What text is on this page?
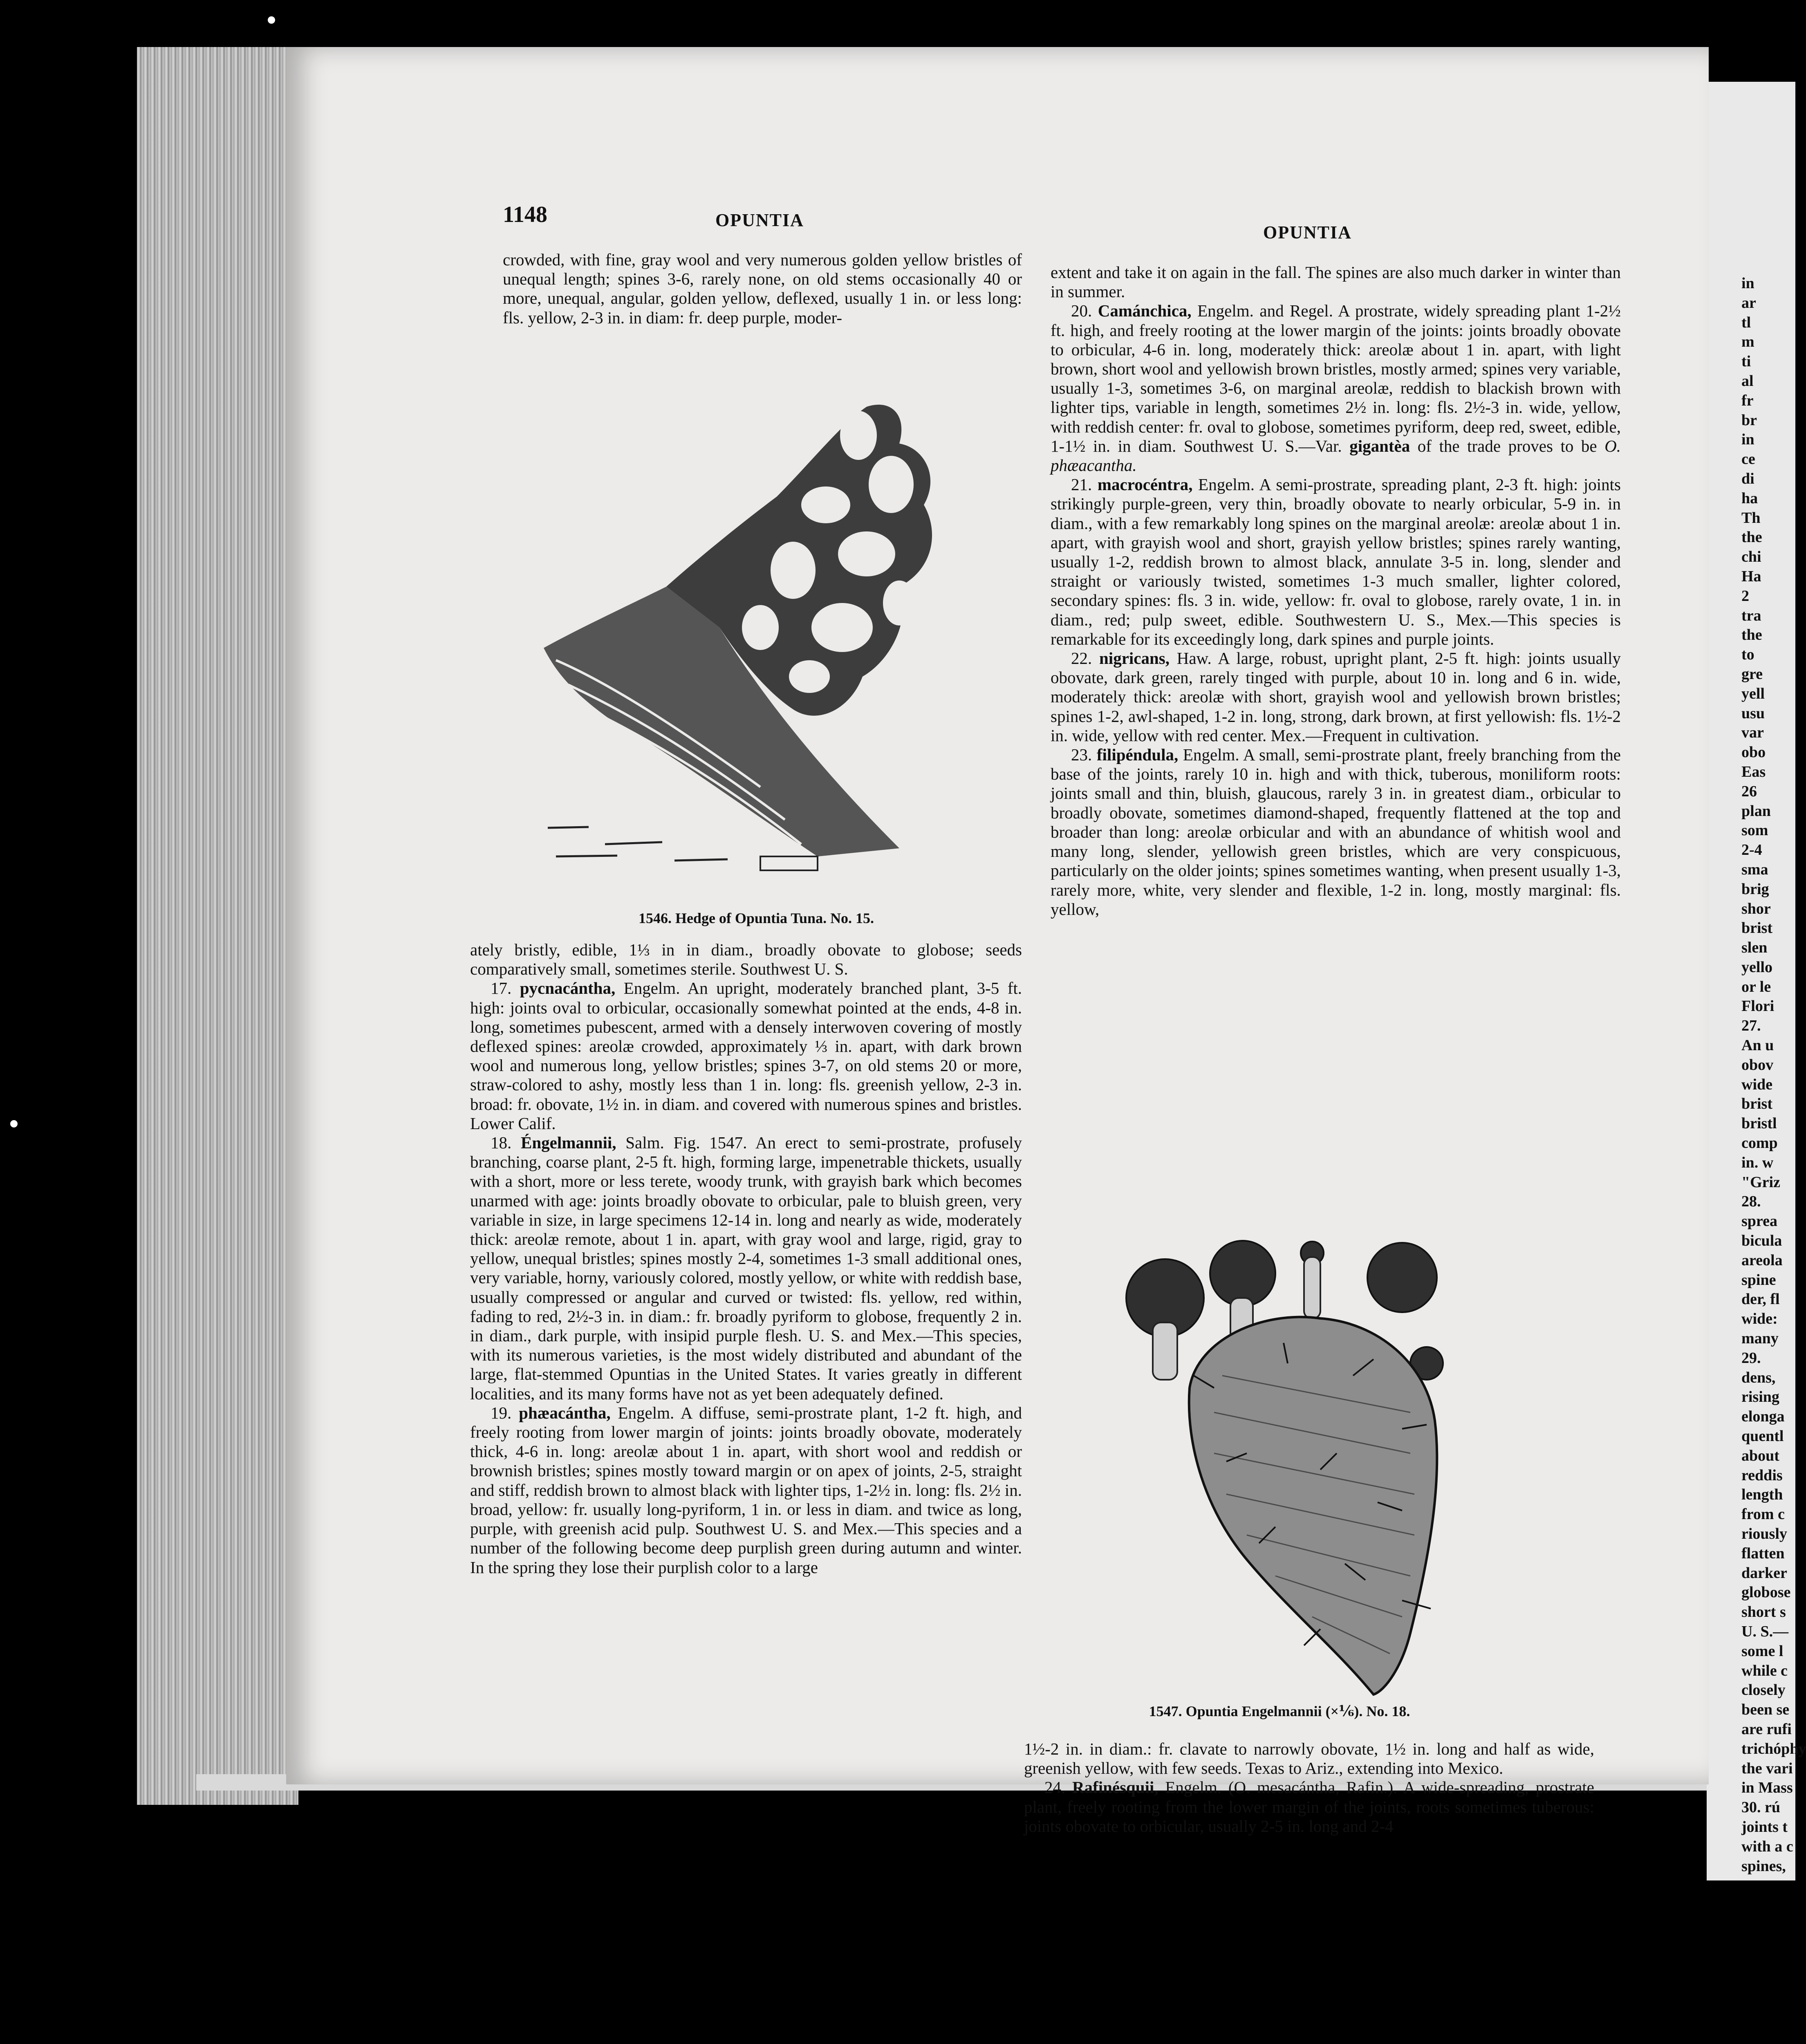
in
ar
tl
m
ti
al
fr
br
in
ce
di
ha
Th
the
chi
Ha
2
tra
the
to
gre
yell
usu
var
obo
Eas
26
plan
som
2-4
sma
brig
shor
brist
slen
yello
or le
Flori
27.
An u
obov
wide
brist
bristl
comp
in. w
"Griz
28.
sprea
bicula
areola
spine
der, fl
wide:
many
29.
dens,
rising
elonga
quentl
about
reddis
length
from c
riously
flatten
darker
globose
short s
U. S.—
some l
while c
closely
been se
are rufi
trichóphy
the vari
in Mass
30. rú
joints t
with a c
spines,
1148	OPUNTIA
OPUNTIA

crowded, with fine, gray wool and very numerous golden yellow bristles of unequal length; spines 3-6, rarely none, on old stems occasionally 40 or more, unequal, angular, golden yellow, deflexed, usually 1 in. or less long: fls. yellow, 2-3 in. in diam: fr. deep purple, moder-

1546. Hedge of Opuntia Tuna. No. 15.

ately bristly, edible, 1⅓ in in diam., broadly obovate to globose; seeds comparatively small, sometimes sterile. Southwest U. S.

17. pycnacántha, Engelm. An upright, moderately branched plant, 3-5 ft. high: joints oval to orbicular, occasionally somewhat pointed at the ends, 4-8 in. long, sometimes pubescent, armed with a densely interwoven covering of mostly deflexed spines: areolæ crowded, approximately ⅓ in. apart, with dark brown wool and numerous long, yellow bristles; spines 3-7, on old stems 20 or more, straw-colored to ashy, mostly less than 1 in. long: fls. greenish yellow, 2-3 in. broad: fr. obovate, 1½ in. in diam. and covered with numerous spines and bristles. Lower Calif.

18. Éngelmannii, Salm. Fig. 1547. An erect to semi-prostrate, profusely branching, coarse plant, 2-5 ft. high, forming large, impenetrable thickets, usually with a short, more or less terete, woody trunk, with grayish bark which becomes unarmed with age: joints broadly obovate to orbicular, pale to bluish green, very variable in size, in large specimens 12-14 in. long and nearly as wide, moderately thick: areolæ remote, about 1 in. apart, with gray wool and large, rigid, gray to yellow, unequal bristles; spines mostly 2-4, sometimes 1-3 small additional ones, very variable, horny, variously colored, mostly yellow, or white with reddish base, usually compressed or angular and curved or twisted: fls. yellow, red within, fading to red, 2½-3 in. in diam.: fr. broadly pyriform to globose, frequently 2 in. in diam., dark purple, with insipid purple flesh. U. S. and Mex.—This species, with its numerous varieties, is the most widely distributed and abundant of the large, flat-stemmed Opuntias in the United States. It varies greatly in different localities, and its many forms have not as yet been adequately defined.

19. phæacántha, Engelm. A diffuse, semi-prostrate plant, 1-2 ft. high, and freely rooting from lower margin of joints: joints broadly obovate, moderately thick, 4-6 in. long: areolæ about 1 in. apart, with short wool and reddish or brownish bristles; spines mostly toward margin or on apex of joints, 2-5, straight and stiff, reddish brown to almost black with lighter tips, 1-2½ in. long: fls. 2½ in. broad, yellow: fr. usually long-pyriform, 1 in. or less in diam. and twice as long, purple, with greenish acid pulp. Southwest U. S. and Mex.—This species and a number of the following become deep purplish green during autumn and winter. In the spring they lose their purplish color to a large

extent and take it on again in the fall. The spines are also much darker in winter than in summer.

20. Camánchica, Engelm. and Regel. A prostrate, widely spreading plant 1-2½ ft. high, and freely rooting at the lower margin of the joints: joints broadly obovate to orbicular, 4-6 in. long, moderately thick: areolæ about 1 in. apart, with light brown, short wool and yellowish brown bristles, mostly armed; spines very variable, usually 1-3, sometimes 3-6, on marginal areolæ, reddish to blackish brown with lighter tips, variable in length, sometimes 2½ in. long: fls. 2½-3 in. wide, yellow, with reddish center: fr. oval to globose, sometimes pyriform, deep red, sweet, edible, 1-1½ in. in diam. Southwest U. S.—Var. gigantèa of the trade proves to be O. phæacantha.

21. macrocéntra, Engelm. A semi-prostrate, spreading plant, 2-3 ft. high: joints strikingly purple-green, very thin, broadly obovate to nearly orbicular, 5-9 in. in diam., with a few remarkably long spines on the marginal areolæ: areolæ about 1 in. apart, with grayish wool and short, grayish yellow bristles; spines rarely wanting, usually 1-2, reddish brown to almost black, annulate 3-5 in. long, slender and straight or variously twisted, sometimes 1-3 much smaller, lighter colored, secondary spines: fls. 3 in. wide, yellow: fr. oval to globose, rarely ovate, 1 in. in diam., red; pulp sweet, edible. Southwestern U. S., Mex.—This species is remarkable for its exceedingly long, dark spines and purple joints.

22. nigricans, Haw. A large, robust, upright plant, 2-5 ft. high: joints usually obovate, dark green, rarely tinged with purple, about 10 in. long and 6 in. wide, moderately thick: areolæ with short, grayish wool and yellowish brown bristles; spines 1-2, awl-shaped, 1-2 in. long, strong, dark brown, at first yellowish: fls. 1½-2 in. wide, yellow with red center. Mex.—Frequent in cultivation.

23. filipéndula, Engelm. A small, semi-prostrate plant, freely branching from the base of the joints, rarely 10 in. high and with thick, tuberous, moniliform roots: joints small and thin, bluish, glaucous, rarely 3 in. in greatest diam., orbicular to broadly obovate, sometimes diamond-shaped, frequently flattened at the top and broader than long: areolæ orbicular and with an abundance of whitish wool and many long, slender, yellowish green bristles, which are very conspicuous, particularly on the older joints; spines sometimes wanting, when present usually 1-3, rarely more, white, very slender and flexible, 1-2 in. long, mostly marginal: fls. yellow,

1547. Opuntia Engelmannii (×⅙). No. 18.

1½-2 in. in diam.: fr. clavate to narrowly obovate, 1½ in. long and half as wide, greenish yellow, with few seeds. Texas to Ariz., extending into Mexico.

24. Rafinésquii, Engelm. (O. mesacántha, Rafin.). A wide-spreading, prostrate plant, freely rooting from the lower margin of the joints, roots sometimes tuberous: joints obovate to orbicular, usually 2-5 in. long and 2-4
